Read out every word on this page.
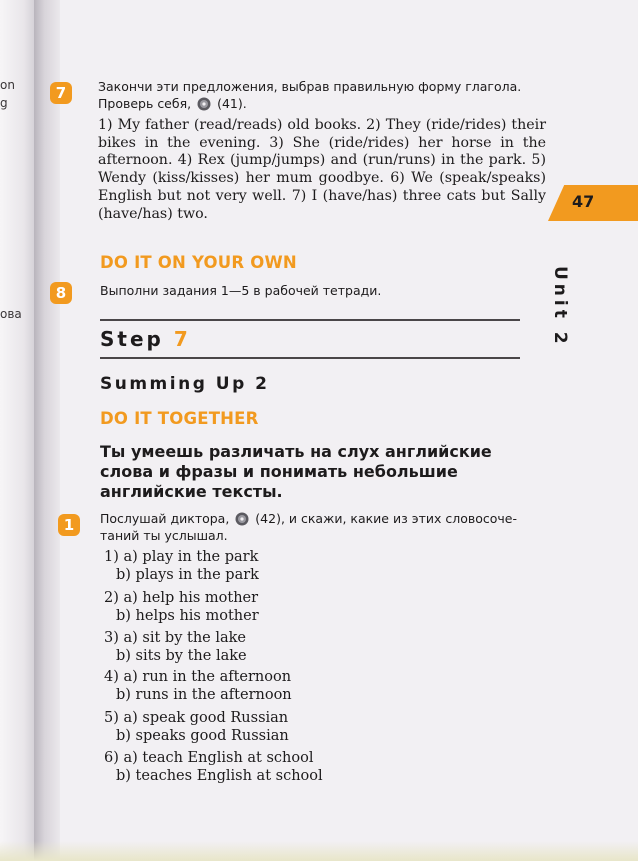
on
g
ова
7	Закончи эти предложения, выбрав правильную форму глагола.
Проверь себя, (41).

1) My father (read/reads) old books. 2) They (ride/rides) their bikes in the evening. 3) She (ride/rides) her horse in the afternoon. 4) Rex (jump/jumps) and (run/runs) in the park. 5) Wendy (kiss/kisses) her mum goodbye. 6) We (speak/speaks) English but not very well. 7) I (have/has) three cats but Sally (have/has) two.

47
Unit 2
DO IT ON YOUR OWN
8	Выполни задания 1—5 в рабочей тетради.
Step 7
Summing Up 2
DO IT TOGETHER
Ты умеешь различать на слух английские
слова и фразы и понимать небольшие
английские тексты.
1	Послушай диктора, (42), и скажи, какие из этих словосоче-
таний ты услышал.
1) a) play in the park
b) plays in the park
2) a) help his mother
b) helps his mother
3) a) sit by the lake
b) sits by the lake
4) a) run in the afternoon
b) runs in the afternoon
5) a) speak good Russian
b) speaks good Russian
6) a) teach English at school
b) teaches English at school
